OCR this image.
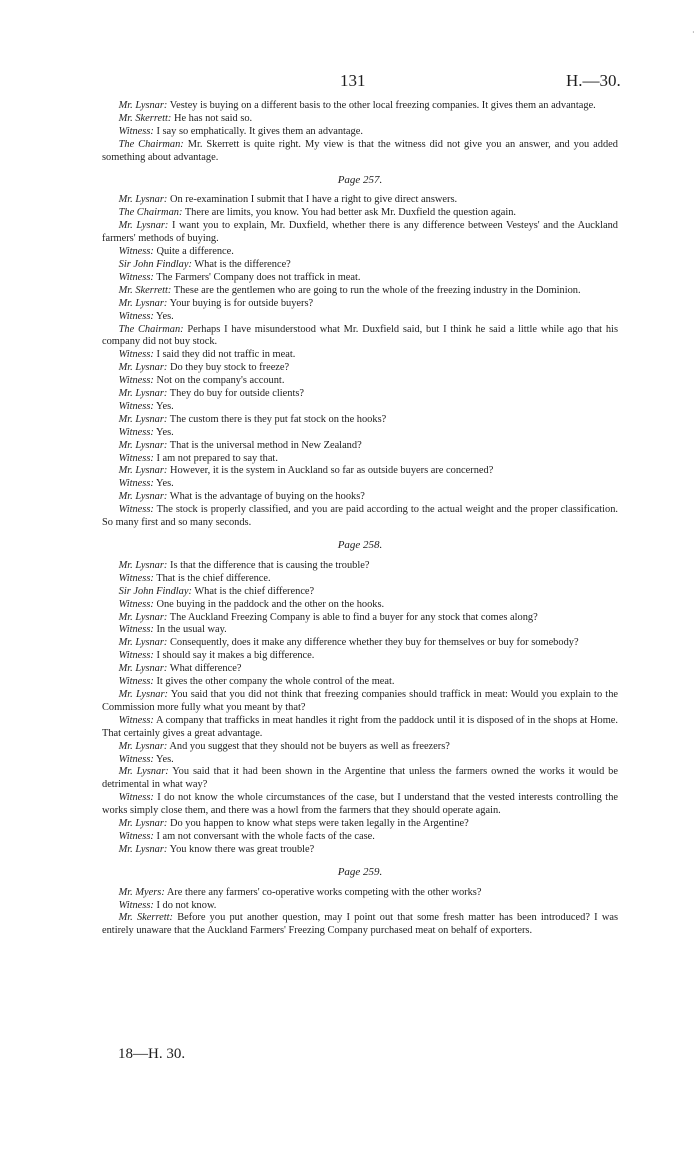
131	H.—30.
·

Mr. Lysnar: Vestey is buying on a different basis to the other local freezing companies. It gives them an advantage.

Mr. Skerrett: He has not said so.

Witness: I say so emphatically. It gives them an advantage.

The Chairman: Mr. Skerrett is quite right. My view is that the witness did not give you an answer, and you added something about advantage.

Page 257.

Mr. Lysnar: On re-examination I submit that I have a right to give direct answers.

The Chairman: There are limits, you know. You had better ask Mr. Duxfield the question again.

Mr. Lysnar: I want you to explain, Mr. Duxfield, whether there is any difference between Vesteys' and the Auckland farmers' methods of buying.

Witness: Quite a difference.

Sir John Findlay: What is the difference?

Witness: The Farmers' Company does not traffick in meat.

Mr. Skerrett: These are the gentlemen who are going to run the whole of the freezing industry in the Dominion.

Mr. Lysnar: Your buying is for outside buyers?

Witness: Yes.

The Chairman: Perhaps I have misunderstood what Mr. Duxfield said, but I think he said a little while ago that his company did not buy stock.

Witness: I said they did not traffic in meat.

Mr. Lysnar: Do they buy stock to freeze?

Witness: Not on the company's account.

Mr. Lysnar: They do buy for outside clients?

Witness: Yes.

Mr. Lysnar: The custom there is they put fat stock on the hooks?

Witness: Yes.

Mr. Lysnar: That is the universal method in New Zealand?

Witness: I am not prepared to say that.

Mr. Lysnar: However, it is the system in Auckland so far as outside buyers are concerned?

Witness: Yes.

Mr. Lysnar: What is the advantage of buying on the hooks?

Witness: The stock is properly classified, and you are paid according to the actual weight and the proper classification. So many first and so many seconds.

Page 258.

Mr. Lysnar: Is that the difference that is causing the trouble?

Witness: That is the chief difference.

Sir John Findlay: What is the chief difference?

Witness: One buying in the paddock and the other on the hooks.

Mr. Lysnar: The Auckland Freezing Company is able to find a buyer for any stock that comes along?

Witness: In the usual way.

Mr. Lysnar: Consequently, does it make any difference whether they buy for themselves or buy for somebody?

Witness: I should say it makes a big difference.

Mr. Lysnar: What difference?

Witness: It gives the other company the whole control of the meat.

Mr. Lysnar: You said that you did not think that freezing companies should traffick in meat: Would you explain to the Commission more fully what you meant by that?

Witness: A company that trafficks in meat handles it right from the paddock until it is disposed of in the shops at Home. That certainly gives a great advantage.

Mr. Lysnar: And you suggest that they should not be buyers as well as freezers?

Witness: Yes.

Mr. Lysnar: You said that it had been shown in the Argentine that unless the farmers owned the works it would be detrimental in what way?

Witness: I do not know the whole circumstances of the case, but I understand that the vested interests controlling the works simply close them, and there was a howl from the farmers that they should operate again.

Mr. Lysnar: Do you happen to know what steps were taken legally in the Argentine?

Witness: I am not conversant with the whole facts of the case.

Mr. Lysnar: You know there was great trouble?

Page 259.

Mr. Myers: Are there any farmers' co-operative works competing with the other works?

Witness: I do not know.

Mr. Skerrett: Before you put another question, may I point out that some fresh matter has been introduced? I was entirely unaware that the Auckland Farmers' Freezing Company purchased meat on behalf of exporters.

18—H. 30.
